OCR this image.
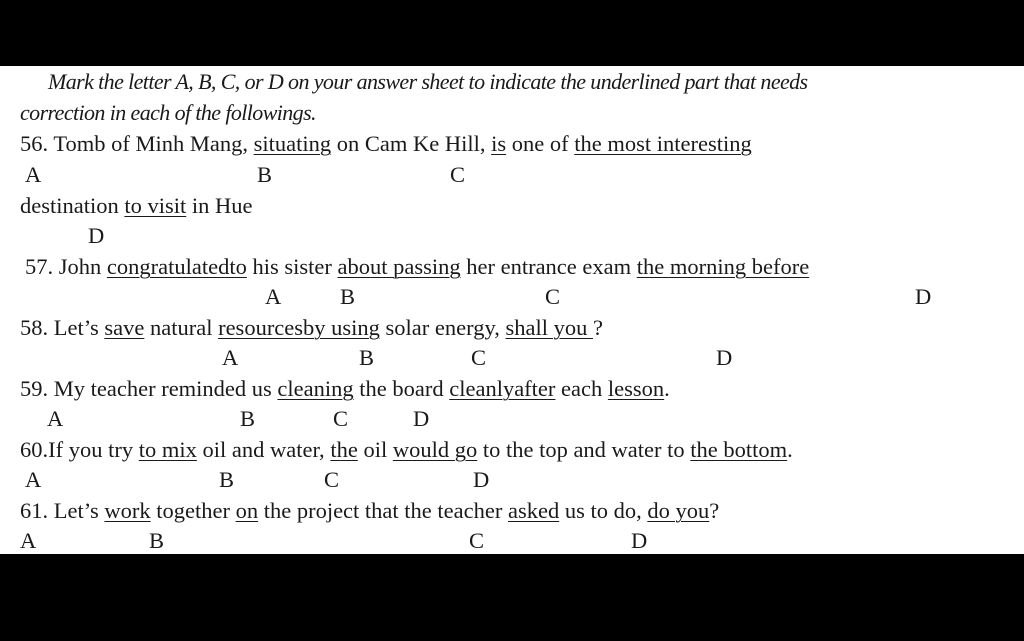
Mark the letter A, B, C, or D on your answer sheet to indicate the underlined part that needs
correction in each of the followings.
56. Tomb of Minh Mang, situating on Cam Ke Hill, is one of the most interesting
A	B	C
destination to visit in Hue
D
57. John congratulatedto his sister about passing her entrance exam the morning before
A	B	C	D
58. Let’s save natural resourcesby using solar energy, shall you ?
A	B	C	D
59. My teacher reminded us cleaning the board cleanlyafter each lesson.
A	B	C	D
60.If you try to mix oil and water, the oil would go to the top and water to the bottom.
A	B	C	D
61. Let’s work together on the project that the teacher asked us to do, do you?
A	B	C	D
